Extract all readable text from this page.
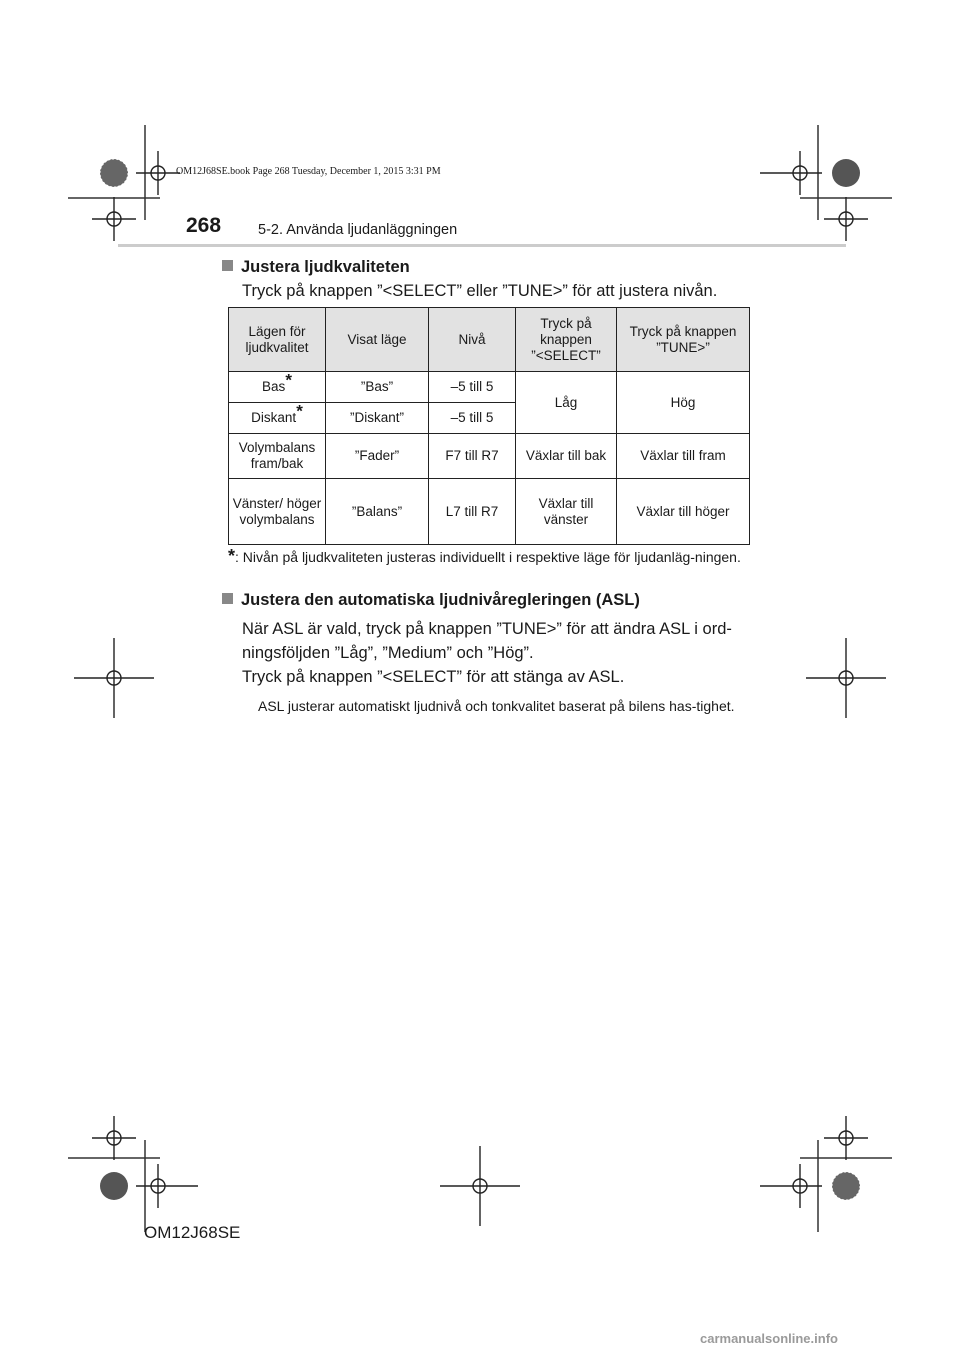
OM12J68SE.book Page 268 Tuesday, December 1, 2015 3:31 PM
268	5-2. Använda ljudanläggningen
Justera ljudkvaliteten
Tryck på knappen ”<SELECT” eller ”TUNE>” för att justera nivån.
Lägen för ljudkvalitet	Visat läge	Nivå	Tryck på knappen ”<SELECT”	Tryck på knappen ”TUNE>”
Bas*	”Bas”	–5 till 5	Låg	Hög
Diskant*	”Diskant”	–5 till 5		
Volymbalans fram/bak	”Fader”	F7 till R7	Växlar till bak	Växlar till fram
Vänster/ höger volymbalans	”Balans”	L7 till R7	Växlar till vänster	Växlar till höger
*: Nivån på ljudkvaliteten justeras individuellt i respektive läge för ljudanläg-ningen.
Justera den automatiska ljudnivåregleringen (ASL)
När ASL är vald, tryck på knappen ”TUNE>” för att ändra ASL i ord-ningsföljden ”Låg”, ”Medium” och ”Hög”.
Tryck på knappen ”<SELECT” för att stänga av ASL.
ASL justerar automatiskt ljudnivå och tonkvalitet baserat på bilens has-tighet.
OM12J68SE
carmanualsonline.info
